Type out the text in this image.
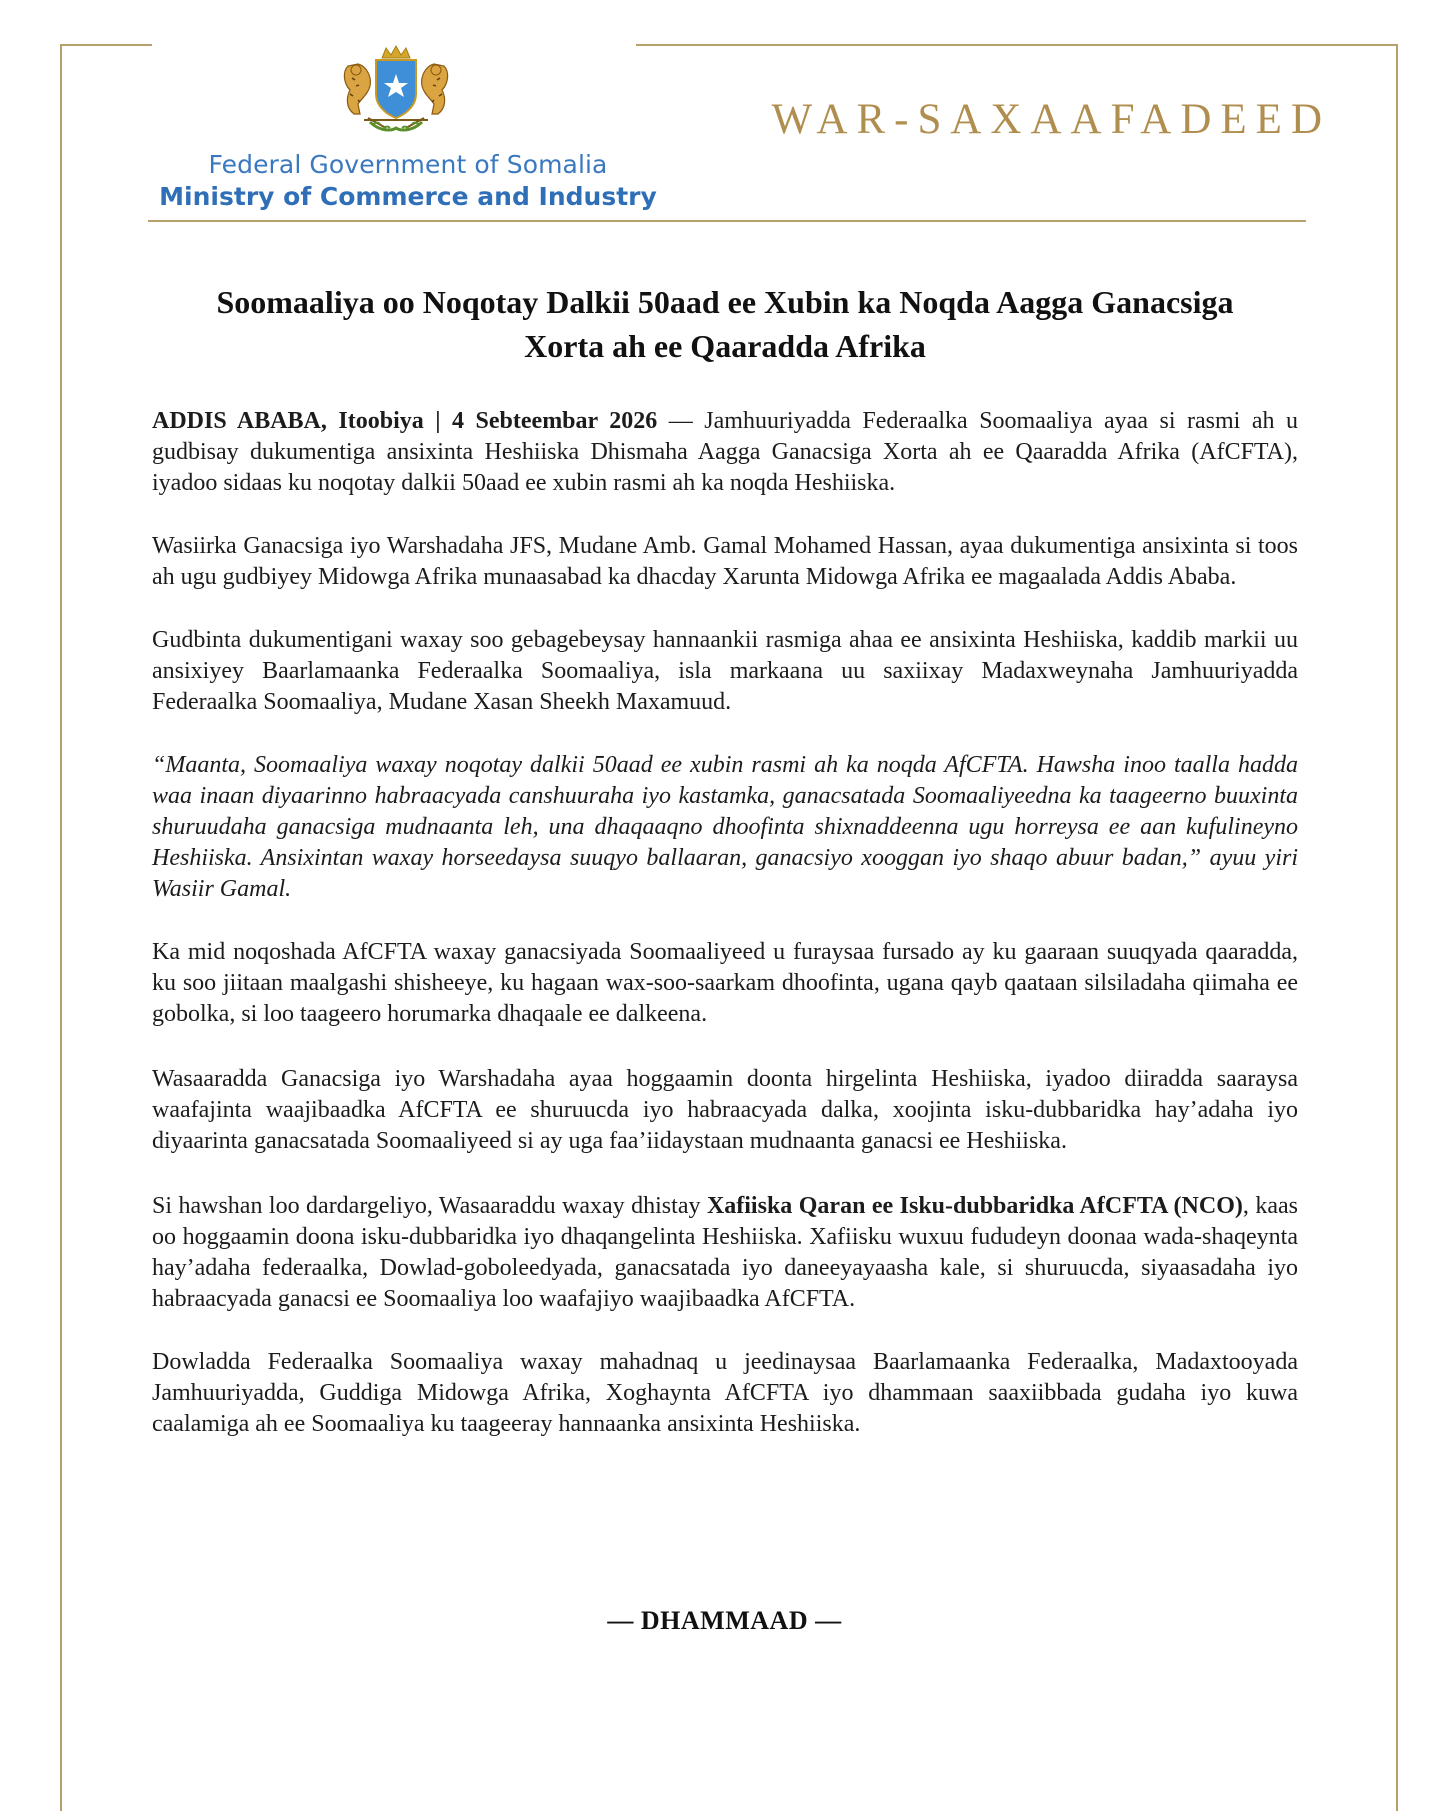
Federal Government of Somalia
Ministry of Commerce and Industry
WAR-SAXAAFADEED
Soomaaliya oo Noqotay Dalkii 50aad ee Xubin ka Noqda Aagga Ganacsiga
Xorta ah ee Qaaradda Afrika

ADDIS ABABA, Itoobiya | 4 Sebteembar 2026 — Jamhuuriyadda Federaalka Soomaaliya ayaa si rasmi ah u gudbisay dukumentiga ansixinta Heshiiska Dhismaha Aagga Ganacsiga Xorta ah ee Qaaradda Afrika (AfCFTA), iyadoo sidaas ku noqotay dalkii 50aad ee xubin rasmi ah ka noqda Heshiiska.

Wasiirka Ganacsiga iyo Warshadaha JFS, Mudane Amb. Gamal Mohamed Hassan, ayaa dukumentiga ansixinta si toos ah ugu gudbiyey Midowga Afrika munaasabad ka dhacday Xarunta Midowga Afrika ee magaalada Addis Ababa.

Gudbinta dukumentigani waxay soo gebagebeysay hannaankii rasmiga ahaa ee ansixinta Heshiiska, kaddib markii uu ansixiyey Baarlamaanka Federaalka Soomaaliya, isla markaana uu saxiixay Madaxweynaha Jamhuuriyadda Federaalka Soomaaliya, Mudane Xasan Sheekh Maxamuud.

“Maanta, Soomaaliya waxay noqotay dalkii 50aad ee xubin rasmi ah ka noqda AfCFTA. Hawsha inoo taalla hadda waa inaan diyaarinno habraacyada canshuuraha iyo kastamka, ganacsatada Soomaaliyeedna ka taageerno buuxinta shuruudaha ganacsiga mudnaanta leh, una dhaqaaqno dhoofinta shixnaddeenna ugu horreysa ee aan kufulineyno Heshiiska. Ansixintan waxay horseedaysa suuqyo ballaaran, ganacsiyo xooggan iyo shaqo abuur badan,” ayuu yiri Wasiir Gamal.

Ka mid noqoshada AfCFTA waxay ganacsiyada Soomaaliyeed u furaysaa fursado ay ku gaaraan suuqyada qaaradda, ku soo jiitaan maalgashi shisheeye, ku hagaan wax-soo-saarkam dhoofinta, ugana qayb qaataan silsiladaha qiimaha ee gobolka, si loo taageero horumarka dhaqaale ee dalkeena.

Wasaaradda Ganacsiga iyo Warshadaha ayaa hoggaamin doonta hirgelinta Heshiiska, iyadoo diiradda saaraysa waafajinta waajibaadka AfCFTA ee shuruucda iyo habraacyada dalka, xoojinta isku-dubbaridka hay’adaha iyo diyaarinta ganacsatada Soomaaliyeed si ay uga faa’iidaystaan mudnaanta ganacsi ee Heshiiska.

Si hawshan loo dardargeliyo, Wasaaraddu waxay dhistay Xafiiska Qaran ee Isku-dubbaridka AfCFTA (NCO), kaas oo hoggaamin doona isku-dubbaridka iyo dhaqangelinta Heshiiska. Xafiisku wuxuu fududeyn doonaa wada-shaqeynta hay’adaha federaalka, Dowlad-goboleedyada, ganacsatada iyo daneeyayaasha kale, si shuruucda, siyaasadaha iyo habraacyada ganacsi ee Soomaaliya loo waafajiyo waajibaadka AfCFTA.

Dowladda Federaalka Soomaaliya waxay mahadnaq u jeedinaysaa Baarlamaanka Federaalka, Madaxtooyada Jamhuuriyadda, Guddiga Midowga Afrika, Xoghaynta AfCFTA iyo dhammaan saaxiibbada gudaha iyo kuwa caalamiga ah ee Soomaaliya ku taageeray hannaanka ansixinta Heshiiska.

— DHAMMAAD —
